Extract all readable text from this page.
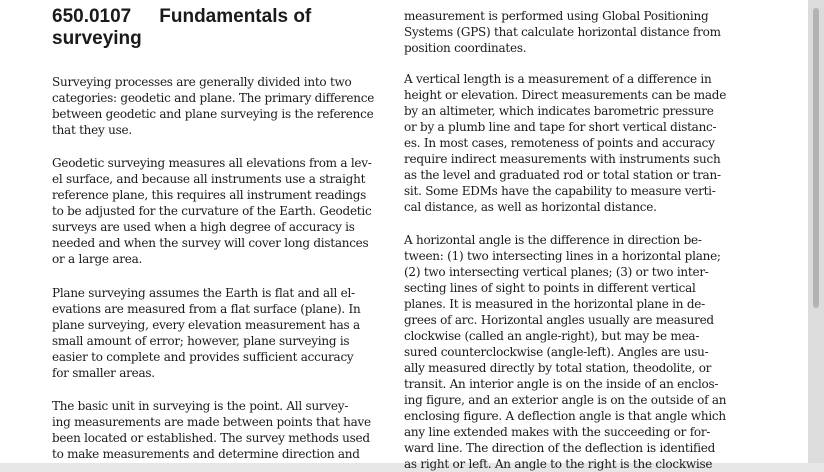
650.0107 Fundamentals of
surveying

Surveying processes are generally divided into two
categories: geodetic and plane. The primary difference
between geodetic and plane surveying is the reference
that they use.

Geodetic surveying measures all elevations from a lev-
el surface, and because all instruments use a straight
reference plane, this requires all instrument readings
to be adjusted for the curvature of the Earth. Geodetic
surveys are used when a high degree of accuracy is
needed and when the survey will cover long distances
or a large area.

Plane surveying assumes the Earth is flat and all el-
evations are measured from a flat surface (plane). In
plane surveying, every elevation measurement has a
small amount of error; however, plane surveying is
easier to complete and provides sufficient accuracy
for smaller areas.

The basic unit in surveying is the point. All survey-
ing measurements are made between points that have
been located or established. The survey methods used
to make measurements and determine direction and

measurement is performed using Global Positioning
Systems (GPS) that calculate horizontal distance from
position coordinates.

A vertical length is a measurement of a difference in
height or elevation. Direct measurements can be made
by an altimeter, which indicates barometric pressure
or by a plumb line and tape for short vertical distanc-
es. In most cases, remoteness of points and accuracy
require indirect measurements with instruments such
as the level and graduated rod or total station or tran-
sit. Some EDMs have the capability to measure verti-
cal distance, as well as horizontal distance.

A horizontal angle is the difference in direction be-
tween: (1) two intersecting lines in a horizontal plane;
(2) two intersecting vertical planes; (3) or two inter-
secting lines of sight to points in different vertical
planes. It is measured in the horizontal plane in de-
grees of arc. Horizontal angles usually are measured
clockwise (called an angle-right), but may be mea-
sured counterclockwise (angle-left). Angles are usu-
ally measured directly by total station, theodolite, or
transit. An interior angle is on the inside of an enclos-
ing figure, and an exterior angle is on the outside of an
enclosing figure. A deflection angle is that angle which
any line extended makes with the succeeding or for-
ward line. The direction of the deflection is identified
as right or left. An angle to the right is the clockwise
